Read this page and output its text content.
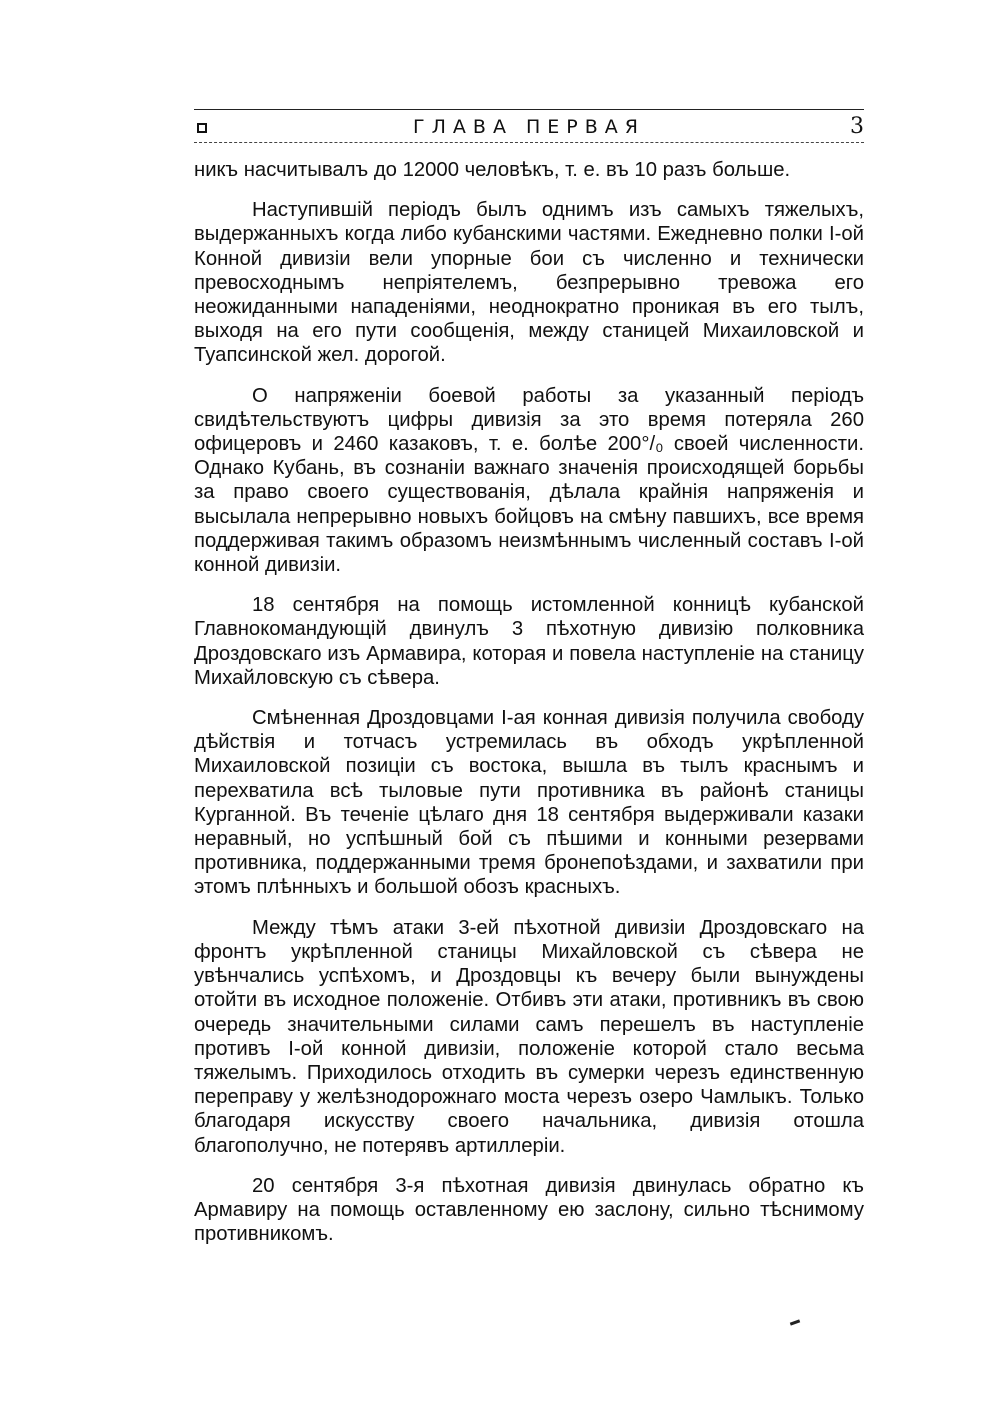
ГЛАВА ПЕРВАЯ	3

никъ насчитывалъ до 12000 человѣкъ, т. е. въ 10 разъ больше.

Наступившій періодъ былъ однимъ изъ самыхъ тяжелыхъ, выдержанныхъ когда либо кубанскими частями. Ежедневно полки I-ой Конной дивизіи вели упорные бои съ численно и технически превосходнымъ непріятелемъ, безпрерывно тревожа его неожиданными нападеніями, неоднократно проникая въ его тылъ, выходя на его пути сообщенія, между станицей Михаиловской и Туапсинской жел. дорогой.

О напряженіи боевой работы за указанный періодъ свидѣтельствуютъ цифры дивизія за это время потеряла 260 офицеровъ и 2460 казаковъ, т. е. болѣе 200°/₀ своей численности. Однако Кубань, въ сознаніи важнаго значенія происходящей борьбы за право своего существованія, дѣлала крайнія напряженія и высылала непрерывно новыхъ бойцовъ на смѣну павшихъ, все время поддерживая такимъ образомъ неизмѣннымъ численный составъ I-ой конной дивизіи.

18 сентября на помощь истомленной конницѣ кубанской Главнокомандующій двинулъ 3 пѣхотную дивизію полковника Дроздовскаго изъ Армавира, которая и повела наступленіе на станицу Михайловскую съ сѣвера.

Смѣненная Дроздовцами I-ая конная дивизія получила свободу дѣйствія и тотчасъ устремилась въ обходъ укрѣпленной Михаиловской позиціи съ востока, вышла въ тылъ краснымъ и перехватила всѣ тыловые пути противника въ районѣ станицы Курганной. Въ теченіе цѣлаго дня 18 сентября выдерживали казаки неравный, но успѣшный бой съ пѣшими и конными резервами противника, поддержанными тремя бронепоѣздами, и захватили при этомъ плѣнныхъ и большой обозъ красныхъ.

Между тѣмъ атаки 3-ей пѣхотной дивизіи Дроздовскаго на фронтъ укрѣпленной станицы Михайловской съ сѣвера не увѣнчались успѣхомъ, и Дроздовцы къ вечеру были вынуждены отойти въ исходное положеніе. Отбивъ эти атаки, противникъ въ свою очередь значительными силами самъ перешелъ въ наступленіе противъ I-ой конной дивизіи, положеніе которой стало весьма тяжелымъ. Приходилось отходить въ сумерки черезъ единственную переправу у желѣзнодорожнаго моста черезъ озеро Чамлыкъ. Только благодаря искусству своего начальника, дивизія отошла благополучно, не потерявъ артиллеріи.

20 сентября 3-я пѣхотная дивизія двинулась обратно къ Армавиру на помощь оставленному ею заслону, сильно тѣснимому противникомъ.
